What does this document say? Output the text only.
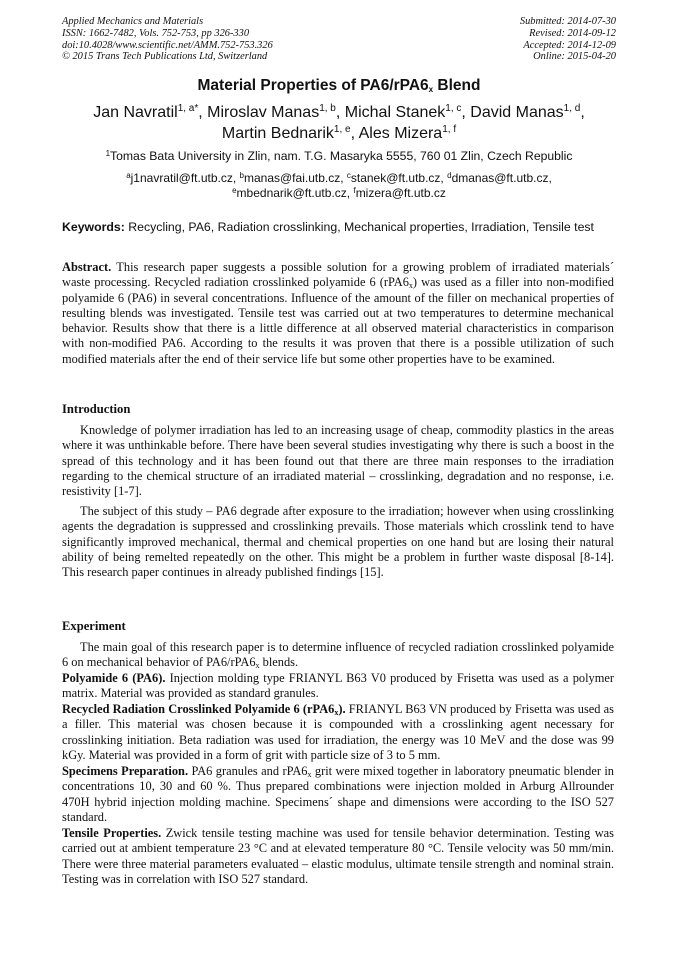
Applied Mechanics and Materials
ISSN: 1662-7482, Vols. 752-753, pp 326-330
doi:10.4028/www.scientific.net/AMM.752-753.326
© 2015 Trans Tech Publications Ltd, Switzerland
Submitted: 2014-07-30
Revised: 2014-09-12
Accepted: 2014-12-09
Online: 2015-04-20
Material Properties of $PA6/rPA6_x$ Blend
Jan Navratil$^{1, a*}$, Miroslav Manas$^{1, b}$, Michal Stanek$^{1, c}$, David Manas$^{1, d}$,
Martin Bednarik$^{1, e}$, Ales Mizera$^{1, f}$
$^1$Tomas Bata University in Zlin, nam. T.G. Masaryka 5555, 760 01 Zlin, Czech Republic
$^a$j1navratil@ft.utb.cz, $^b$manas@fai.utb.cz, $^c$stanek@ft.utb.cz, $^d$dmanas@ft.utb.cz,
$^e$mbednarik@ft.utb.cz, $^f$mizera@ft.utb.cz
Keywords: Recycling, PA6, Radiation crosslinking, Mechanical properties, Irradiation, Tensile test
Abstract. This research paper suggests a possible solution for a growing problem of irradiated materials´ waste processing. Recycled radiation crosslinked polyamide 6 $(rPA6_x)$ was used as a filler into non-modified polyamide 6 (PA6) in several concentrations. Influence of the amount of the filler on mechanical properties of resulting blends was investigated. Tensile test was carried out at two temperatures to determine mechanical behavior. Results show that there is a little difference at all observed material characteristics in comparison with non-modified PA6. According to the results it was proven that there is a possible utilization of such modified materials after the end of their service life but some other properties have to be examined.
Introduction
Knowledge of polymer irradiation has led to an increasing usage of cheap, commodity plastics in the areas where it was unthinkable before. There have been several studies investigating why there is such a boost in the spread of this technology and it has been found out that there are three main responses to the irradiation regarding to the chemical structure of an irradiated material – crosslinking, degradation and no response, i.e. resistivity [1-7].
The subject of this study – PA6 degrade after exposure to the irradiation; however when using crosslinking agents the degradation is suppressed and crosslinking prevails. Those materials which crosslink tend to have significantly improved mechanical, thermal and chemical properties on one hand but are losing their natural ability of being remelted repeatedly on the other. This might be a problem in further waste disposal [8-14]. This research paper continues in already published findings [15].
Experiment
The main goal of this research paper is to determine influence of recycled radiation crosslinked polyamide 6 on mechanical behavior of $PA6/rPA6_x$ blends.
Polyamide 6 (PA6). Injection molding type FRIANYL B63 V0 produced by Frisetta was used as a polymer matrix. Material was provided as standard granules.
Recycled Radiation Crosslinked Polyamide 6 $(rPA6_x)$. FRIANYL B63 VN produced by Frisetta was used as a filler. This material was chosen because it is compounded with a crosslinking agent necessary for crosslinking initiation. Beta radiation was used for irradiation, the energy was 10 MeV and the dose was 99 kGy. Material was provided in a form of grit with particle size of 3 to 5 mm.
Specimens Preparation. PA6 granules and $rPA6_x$ grit were mixed together in laboratory pneumatic blender in concentrations 10, 30 and 60 %. Thus prepared combinations were injection molded in Arburg Allrounder 470H hybrid injection molding machine. Specimens´ shape and dimensions were according to the ISO 527 standard.
Tensile Properties. Zwick tensile testing machine was used for tensile behavior determination. Testing was carried out at ambient temperature 23 °C and at elevated temperature 80 °C. Tensile velocity was 50 mm/min. There were three material parameters evaluated – elastic modulus, ultimate tensile strength and nominal strain. Testing was in correlation with ISO 527 standard.
